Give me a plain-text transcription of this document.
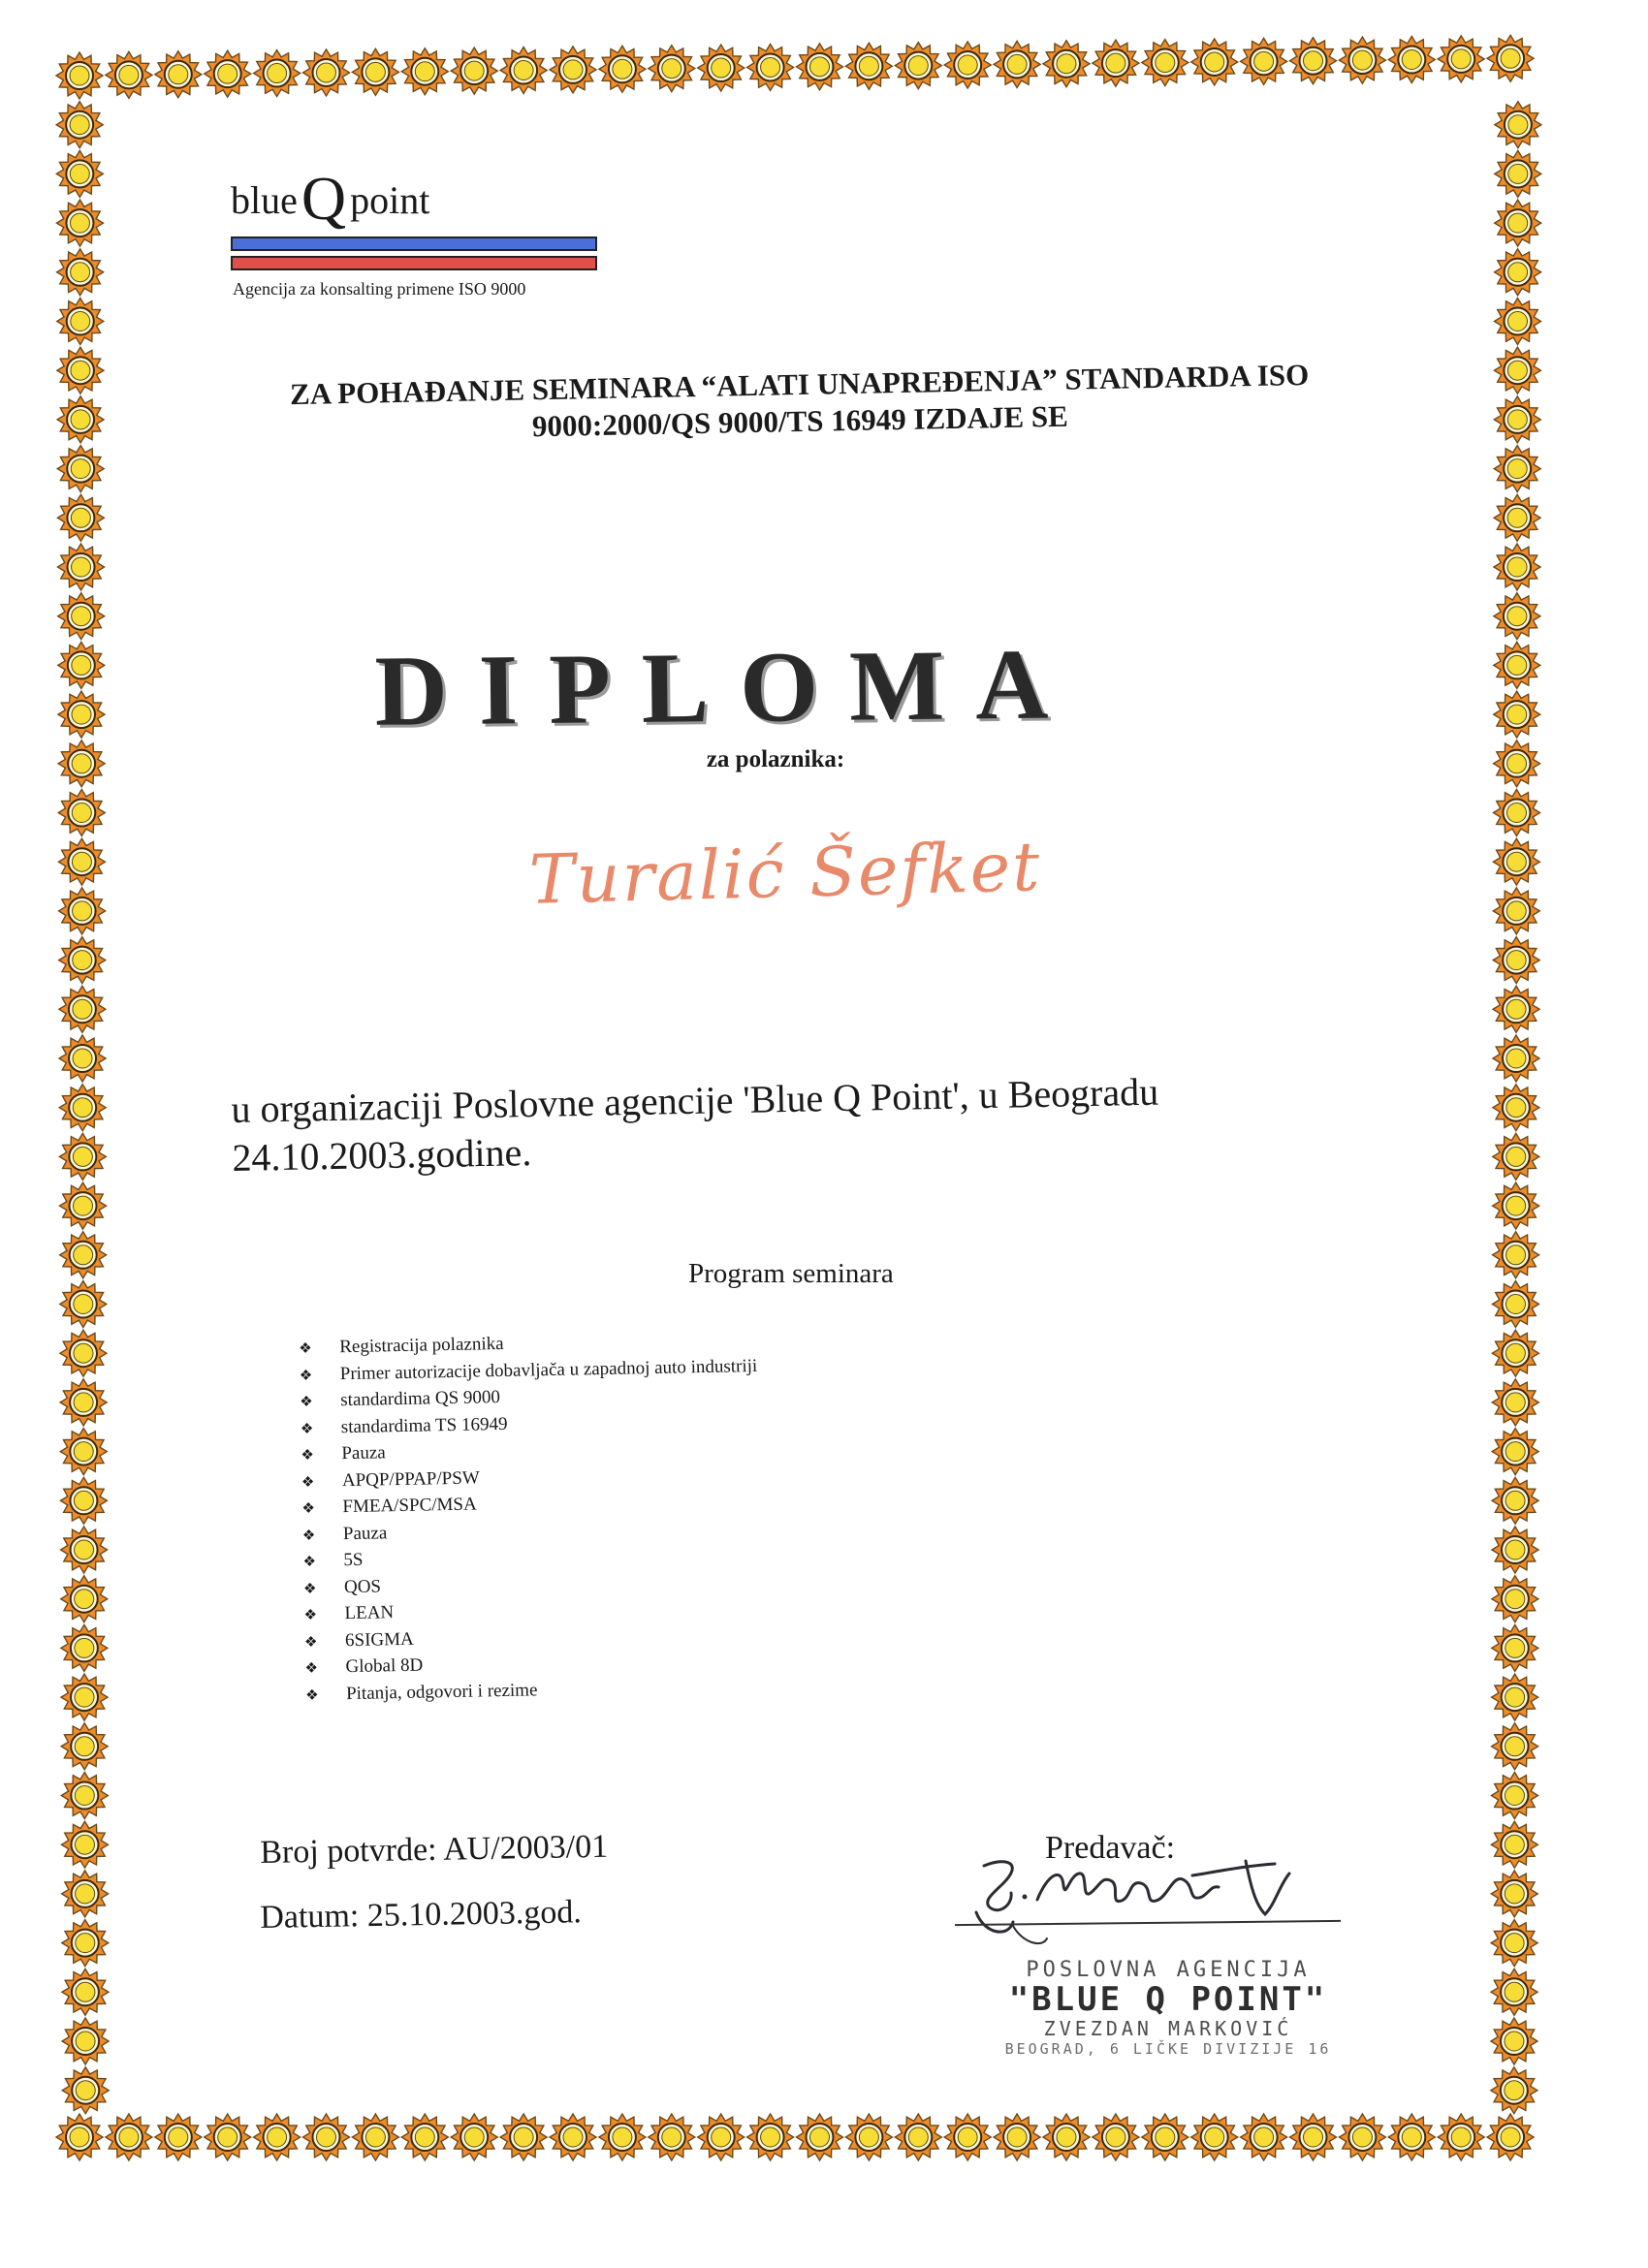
blueQ point
Agencija za konsalting primene ISO 9000
ZA POHAĐANJE SEMINARA “ALATI UNAPREĐENJA” STANDARDA ISO
9000:2000/QS 9000/TS 16949 IZDAJE SE
DIPLOMA
za polaznika:
Turalić Šefket
u organizaciji Poslovne agencije 'Blue Q Point', u Beogradu
24.10.2003.godine.
Program seminara
❖ Registracija polaznika
❖ Primer autorizacije dobavljača u zapadnoj auto industriji
❖ standardima QS 9000
❖ standardima TS 16949
❖ Pauza
❖ APQP/PPAP/PSW
❖ FMEA/SPC/MSA
❖ Pauza
❖ 5S
❖ QOS
❖ LEAN
❖ 6SIGMA
❖ Global 8D
❖ Pitanja, odgovori i rezime
Broj potvrde: AU/2003/01
Datum: 25.10.2003.god.
Predavač:
POSLOVNA AGENCIJA
"BLUE Q POINT"
ZVEZDAN MARKOVIĆ
BEOGRAD, 6 LIČKE DIVIZIJE 16
